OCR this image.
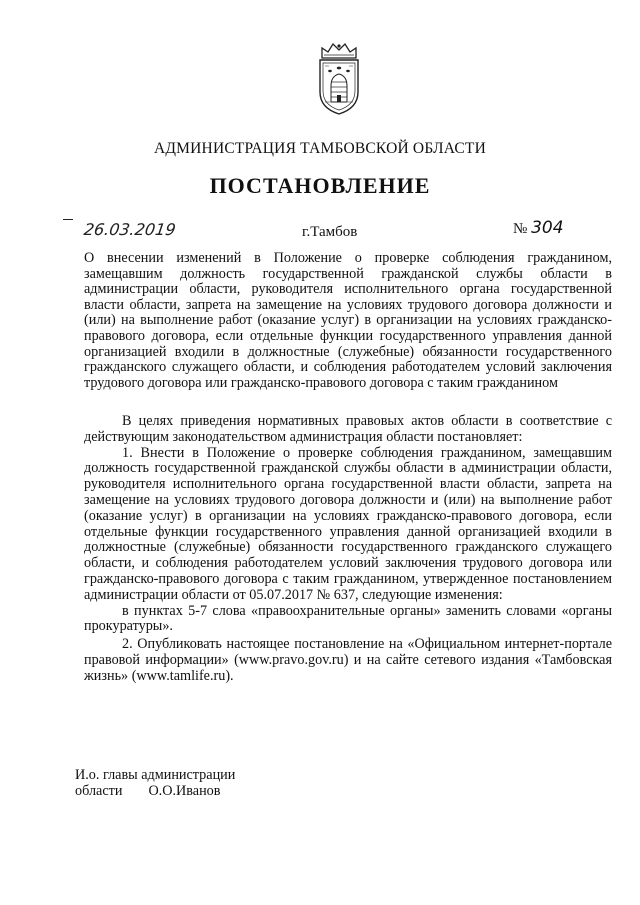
АДМИНИСТРАЦИЯ ТАМБОВСКОЙ ОБЛАСТИ
ПОСТАНОВЛЕНИЕ
26.03.2019	г.Тамбов	№ 304
О внесении изменений в Положение о проверке соблюдения гражданином, замещавшим должность государственной гражданской службы области в администрации области, руководителя исполнительного органа государственной власти области, запрета на замещение на условиях трудового договора должности и (или) на выполнение работ (оказание услуг) в организации на условиях гражданско-правового договора, если отдельные функции государственного управления данной организацией входили в должностные (служебные) обязанности государственного гражданского служащего области, и соблюдения работодателем условий заключения трудового договора или гражданско-правового договора с таким гражданином

В целях приведения нормативных правовых актов области в соответствие с действующим законодательством администрация области постановляет:

1. Внести в Положение о проверке соблюдения гражданином, замещавшим должность государственной гражданской службы области в администрации области, руководителя исполнительного органа государственной власти области, запрета на замещение на условиях трудового договора должности и (или) на выполнение работ (оказание услуг) в организации на условиях гражданско-правового договора, если отдельные функции государственного управления данной организацией входили в должностные (служебные) обязанности государственного гражданского служащего области, и соблюдения работодателем условий заключения трудового договора или гражданско-правового договора с таким гражданином, утвержденное постановлением администрации области от 05.07.2017 № 637, следующие изменения:

в пунктах 5-7 слова «правоохранительные органы» заменить словами «органы прокуратуры».

2. Опубликовать настоящее постановление на «Официальном интернет-портале правовой информации» (www.pravo.gov.ru) и на сайте сетевого издания «Тамбовская жизнь» (www.tamlife.ru).

И.о. главы администрации
области О.О.Иванов
